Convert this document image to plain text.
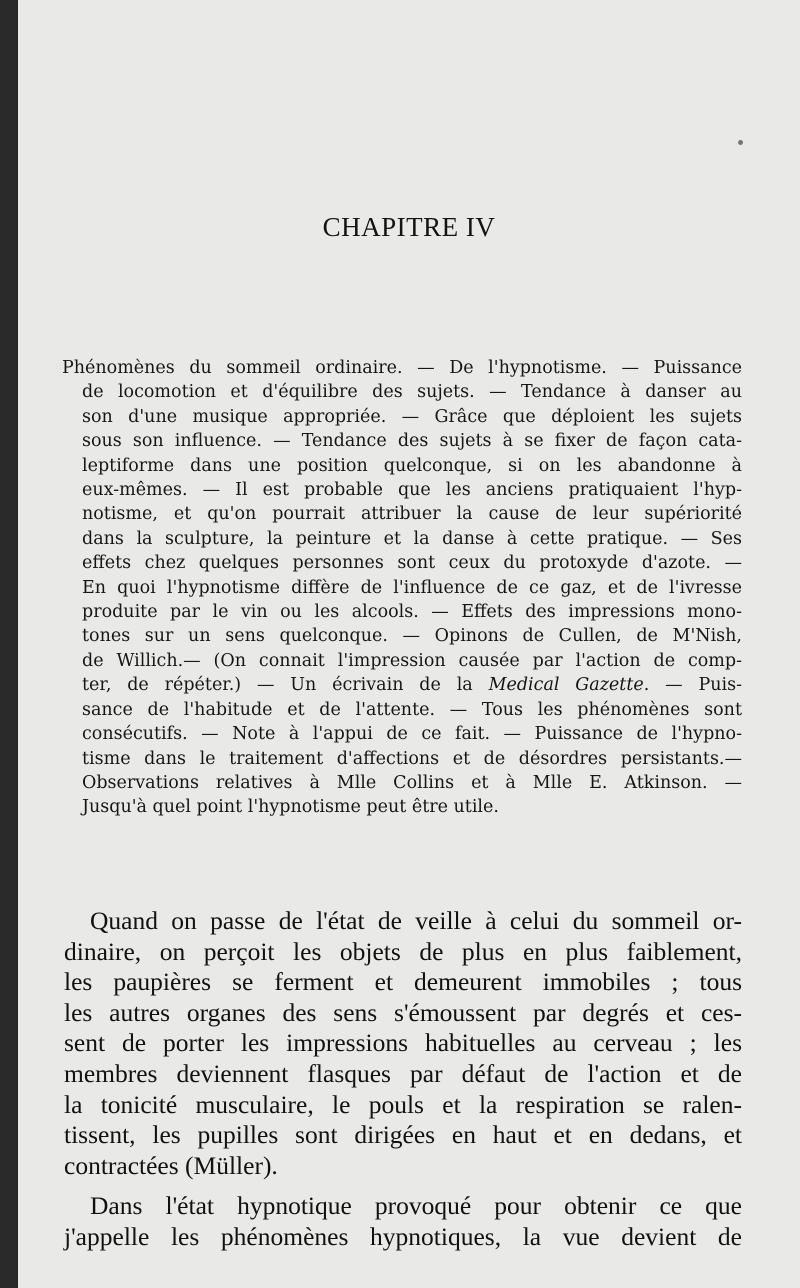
CHAPITRE IV
Phénomènes du sommeil ordinaire. — De l'hypnotisme. — Puissance
de locomotion et d'équilibre des sujets. — Tendance à danser au
son d'une musique appropriée. — Grâce que déploient les sujets
sous son influence. — Tendance des sujets à se fixer de façon cata-
leptiforme dans une position quelconque, si on les abandonne à
eux-mêmes. — Il est probable que les anciens pratiquaient l'hyp-
notisme, et qu'on pourrait attribuer la cause de leur supériorité
dans la sculpture, la peinture et la danse à cette pratique. — Ses
effets chez quelques personnes sont ceux du protoxyde d'azote. —
En quoi l'hypnotisme diffère de l'influence de ce gaz, et de l'ivresse
produite par le vin ou les alcools. — Effets des impressions mono-
tones sur un sens quelconque. — Opinons de Cullen, de M'Nish,
de Willich.— (On connait l'impression causée par l'action de comp-
ter, de répéter.) — Un écrivain de la Medical Gazette. — Puis-
sance de l'habitude et de l'attente. — Tous les phénomènes sont
consécutifs. — Note à l'appui de ce fait. — Puissance de l'hypno-
tisme dans le traitement d'affections et de désordres persistants.—
Observations relatives à Mlle Collins et à Mlle E. Atkinson. —
Jusqu'à quel point l'hypnotisme peut être utile.
Quand on passe de l'état de veille à celui du sommeil or-
dinaire, on perçoit les objets de plus en plus faiblement,
les paupières se ferment et demeurent immobiles ; tous
les autres organes des sens s'émoussent par degrés et ces-
sent de porter les impressions habituelles au cerveau ; les
membres deviennent flasques par défaut de l'action et de
la tonicité musculaire, le pouls et la respiration se ralen-
tissent, les pupilles sont dirigées en haut et en dedans, et
contractées (Müller).
Dans l'état hypnotique provoqué pour obtenir ce que
j'appelle les phénomènes hypnotiques, la vue devient de
